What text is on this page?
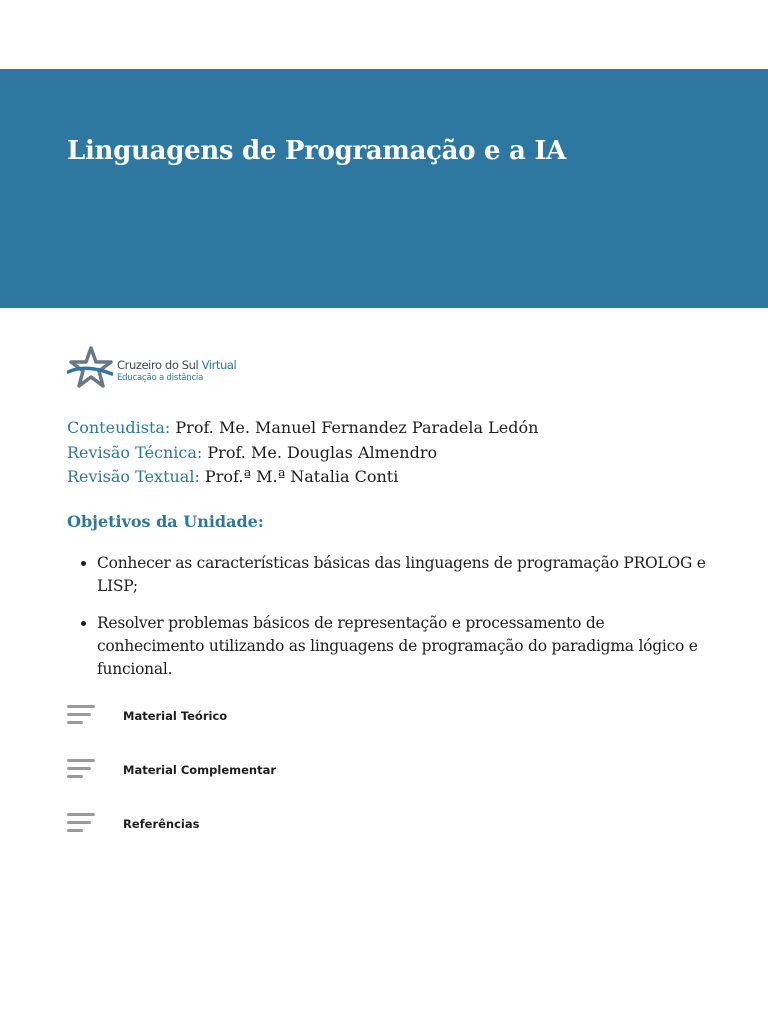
Linguagens de Programação e a IA
Cruzeiro do Sul Virtual
Educação a distância
Conteudista: Prof. Me. Manuel Fernandez Paradela Ledón
Revisão Técnica: Prof. Me. Douglas Almendro
Revisão Textual: Prof.ª M.ª Natalia Conti
Objetivos da Unidade:
Conhecer as características básicas das linguagens de programação PROLOG e LISP;
Resolver problemas básicos de representação e processamento de conhecimento utilizando as linguagens de programação do paradigma lógico e funcional.
Material Teórico
Material Complementar
Referências
